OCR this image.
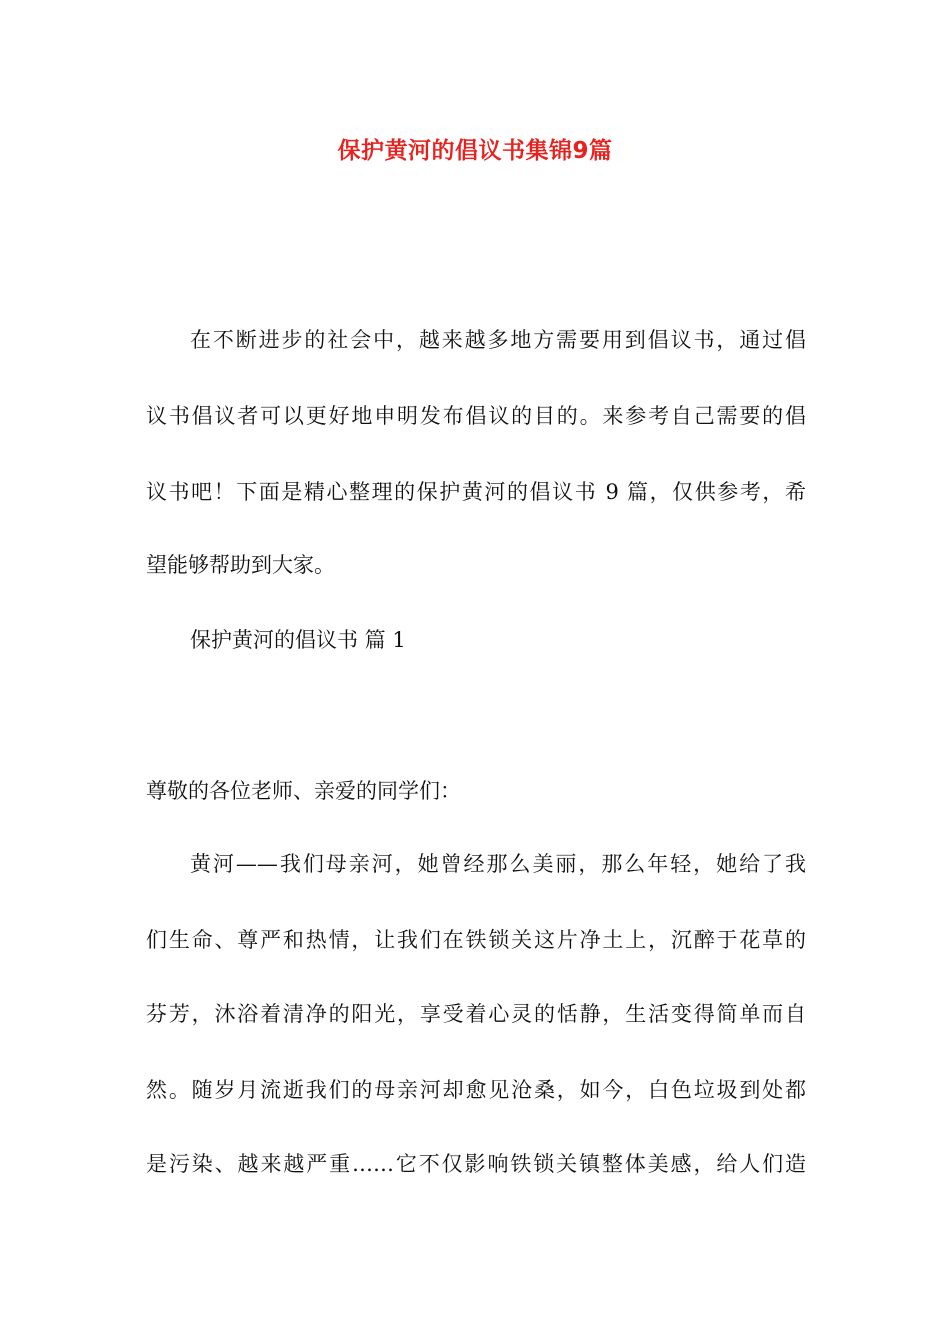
保护黄河的倡议书集锦9篇
在不断进步的社会中，越来越多地方需要用到倡议书，通过倡
议书倡议者可以更好地申明发布倡议的目的。来参考自己需要的倡
议书吧！下面是精心整理的保护黄河的倡议书 9 篇，仅供参考，希
望能够帮助到大家。
保护黄河的倡议书 篇 1
尊敬的各位老师、亲爱的同学们：
黄河——我们母亲河，她曾经那么美丽，那么年轻，她给了我
们生命、尊严和热情，让我们在铁锁关这片净土上，沉醉于花草的
芬芳，沐浴着清净的阳光，享受着心灵的恬静，生活变得简单而自
然。随岁月流逝我们的母亲河却愈见沧桑，如今，白色垃圾到处都
是污染、越来越严重……它不仅影响铁锁关镇整体美感，给人们造
